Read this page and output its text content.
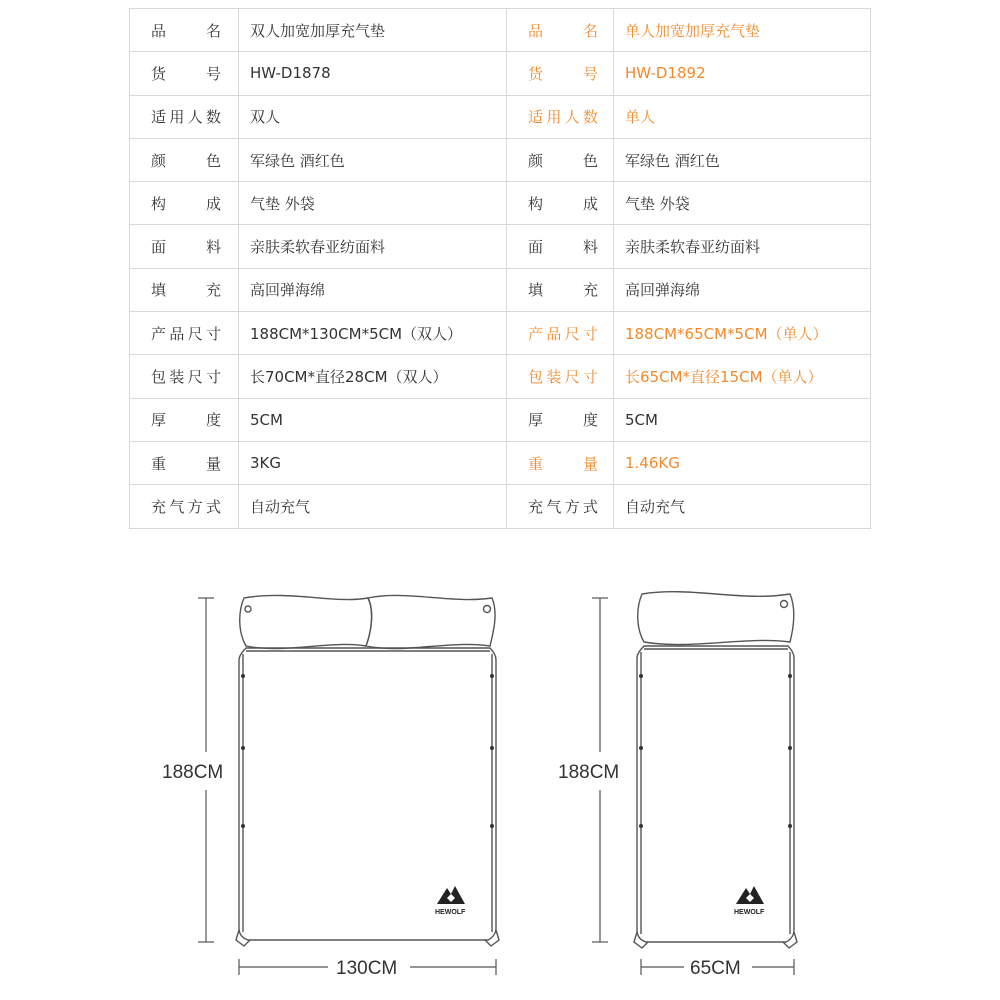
品　　名	双人加宽加厚充气垫	品　　名	单人加宽加厚充气垫

货　　号	HW-D1878	货　　号	HW-D1892

适用人数	双人	适用人数	单人

颜　　色	军绿色 酒红色	颜　　色	军绿色 酒红色

构　　成	气垫 外袋	构　　成	气垫 外袋

面　　料	亲肤柔软春亚纺面料	面　　料	亲肤柔软春亚纺面料

填　　充	高回弹海绵	填　　充	高回弹海绵

产品尺寸	188CM*130CM*5CM（双人）	产品尺寸	188CM*65CM*5CM（单人）

包装尺寸	长70CM*直径28CM（双人）	包装尺寸	长65CM*直径15CM（单人）

厚　　度	5CM	厚　　度	5CM

重　　量	3KG	重　　量	1.46KG

充气方式	自动充气	充气方式	自动充气
HEWOLF
188CM
130CM
HEWOLF
188CM
65CM
